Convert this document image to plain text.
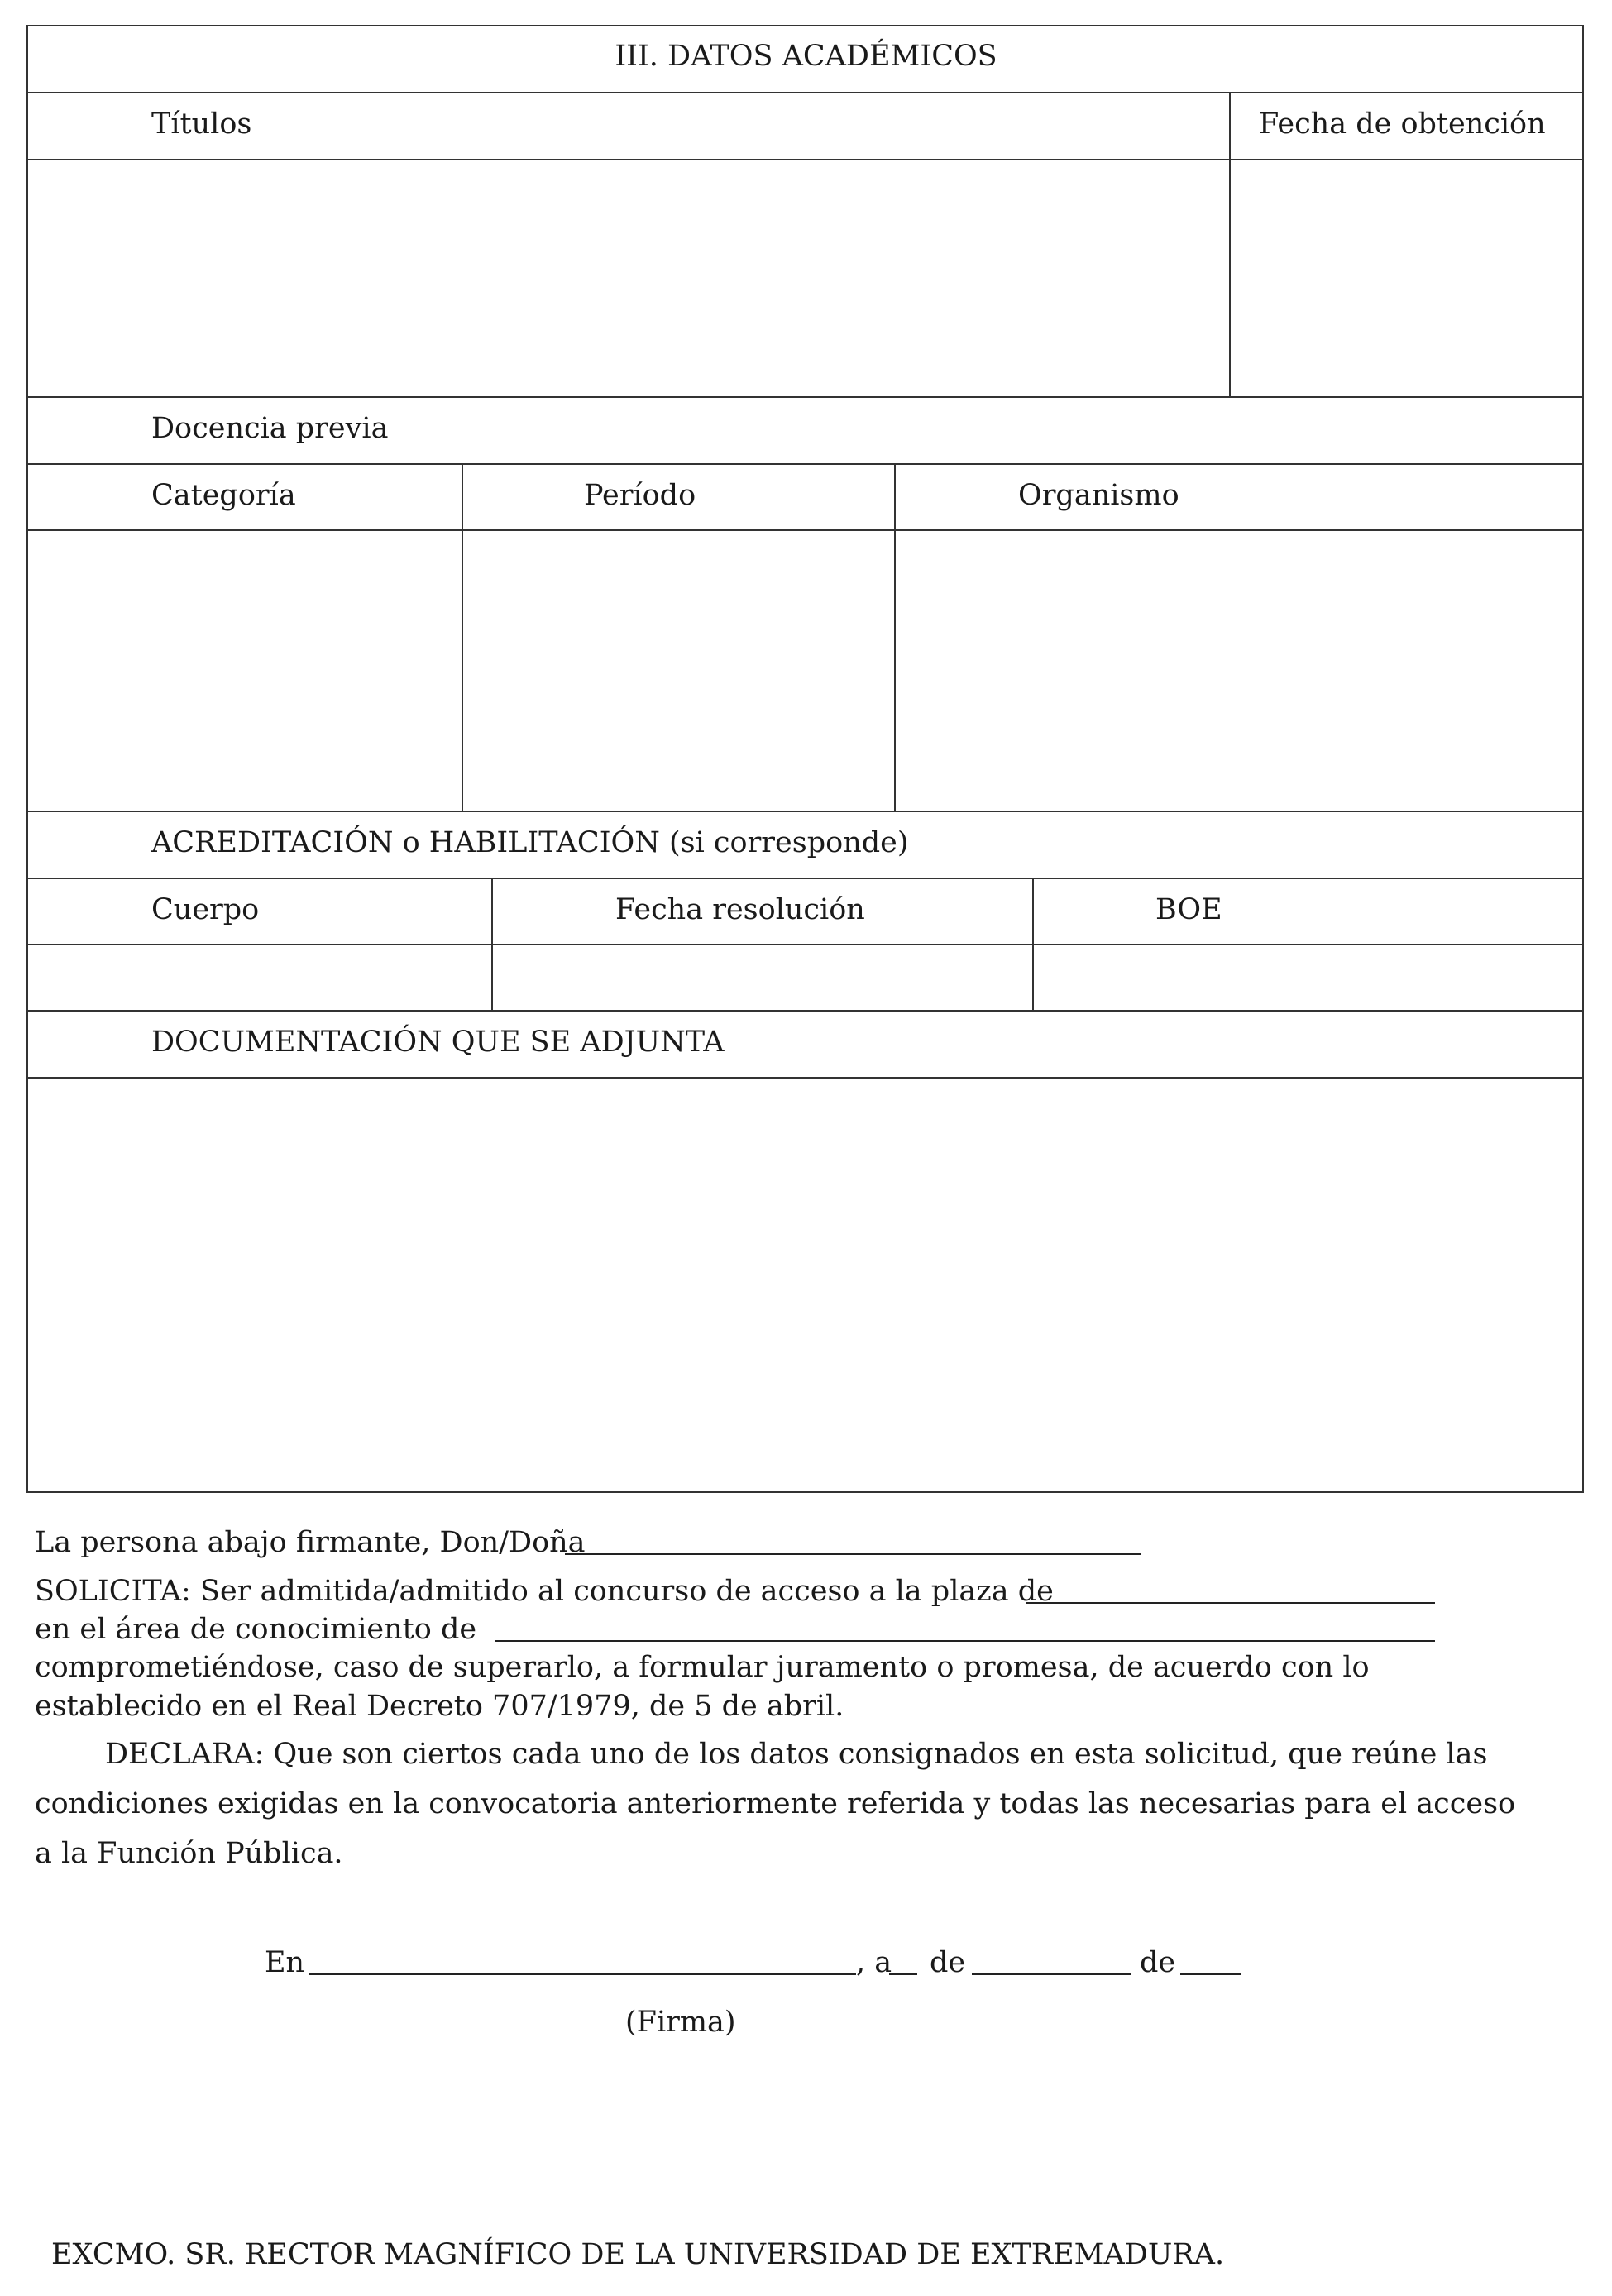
III. DATOS ACADÉMICOS
Títulos	Fecha de obtención
Docencia previa
Categoría	Período	Organismo
ACREDITACIÓN o HABILITACIÓN (si corresponde)
Cuerpo	Fecha resolución	BOE
DOCUMENTACIÓN QUE SE ADJUNTA
La persona abajo firmante, Don/Doña
SOLICITA: Ser admitida/admitido al concurso de acceso a la plaza de
en el área de conocimiento de
comprometiéndose, caso de superarlo, a formular juramento o promesa, de acuerdo con lo
establecido en el Real Decreto 707/1979, de 5 de abril.
DECLARA: Que son ciertos cada uno de los datos consignados en esta solicitud, que reúne las
condiciones exigidas en la convocatoria anteriormente referida y todas las necesarias para el acceso
a la Función Pública.
En	, a de	de
(Firma)
EXCMO. SR. RECTOR MAGNÍFICO DE LA UNIVERSIDAD DE EXTREMADURA.
